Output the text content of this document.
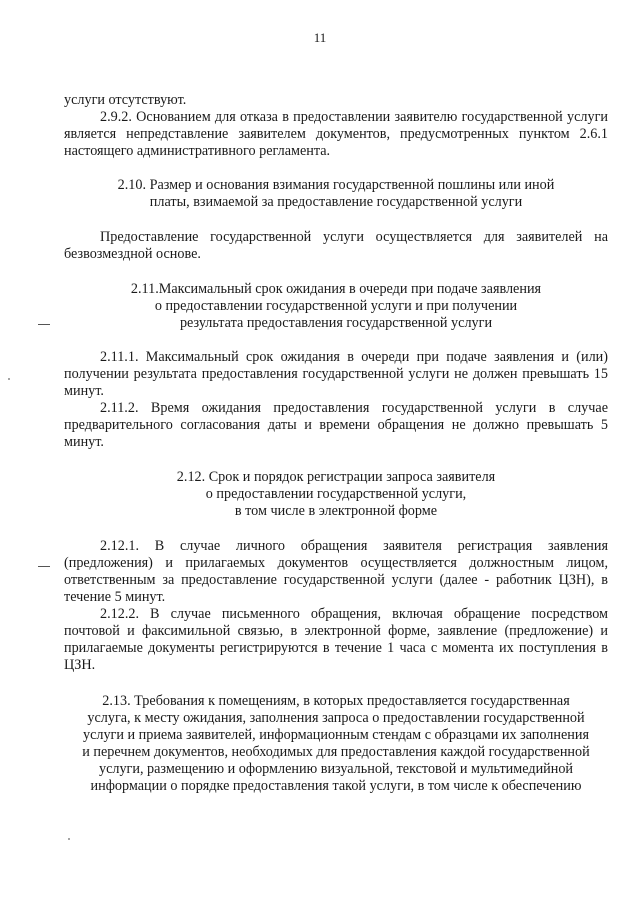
11

услуги отсутствуют.

2.9.2. Основанием для отказа в предоставлении заявителю государственной услуги является непредставление заявителем документов, предусмотренных пунктом 2.6.1 настоящего административного регламента.

2.10. Размер и основания взимания государственной пошлины или иной
платы, взимаемой за предоставление государственной услуги

Предоставление государственной услуги осуществляется для заявителей на безвозмездной основе.

2.11.Максимальный срок ожидания в очереди при подаче заявления
о предоставлении государственной услуги и при получении
результата предоставления государственной услуги

2.11.1. Максимальный срок ожидания в очереди при подаче заявления и (или) получении результата предоставления государственной услуги не должен превышать 15 минут.

2.11.2. Время ожидания предоставления государственной услуги в случае предварительного согласования даты и времени обращения не должно превышать 5 минут.

2.12. Срок и порядок регистрации запроса заявителя
о предоставлении государственной услуги,
в том числе в электронной форме

2.12.1. В случае личного обращения заявителя регистрация заявления (предложения) и прилагаемых документов осуществляется должностным лицом, ответственным за предоставление государственной услуги (далее - работник ЦЗН), в течение 5 минут.

2.12.2. В случае письменного обращения, включая обращение посредством почтовой и факсимильной связью, в электронной форме, заявление (предложение) и прилагаемые документы регистрируются в течение 1 часа с момента их поступления в ЦЗН.

2.13. Требования к помещениям, в которых предоставляется государственная
услуга, к месту ожидания, заполнения запроса о предоставлении государственной
услуги и приема заявителей, информационным стендам с образцами их заполнения
и перечнем документов, необходимых для предоставления каждой государственной
услуги, размещению и оформлению визуальной, текстовой и мультимедийной
информации о порядке предоставления такой услуги, в том числе к обеспечению
